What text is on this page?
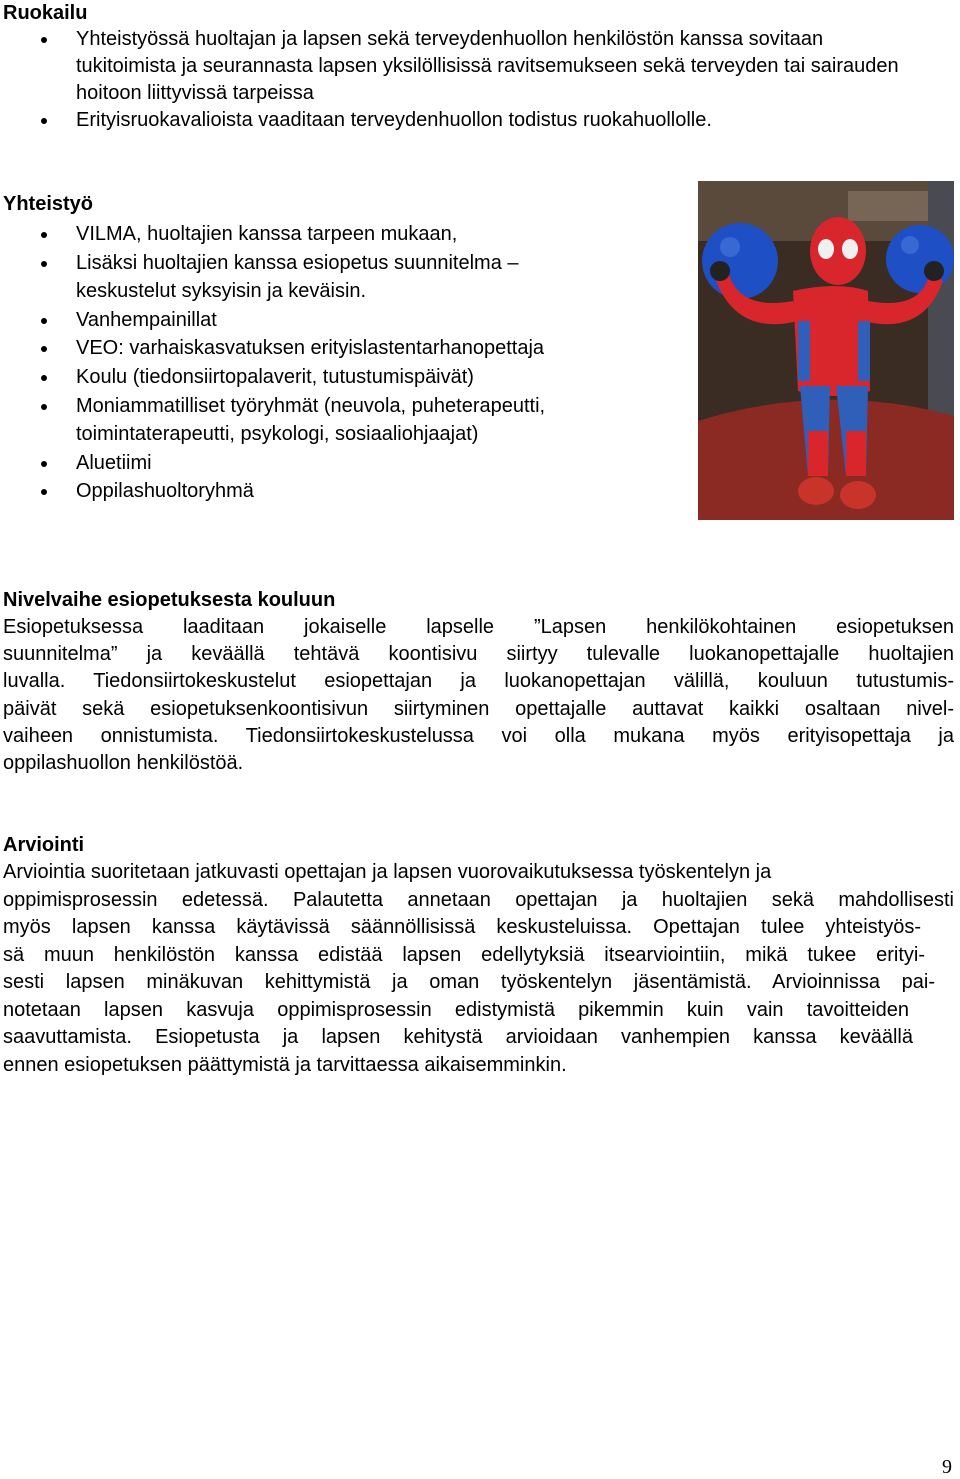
Ruokailu
Yhteistyössä huoltajan ja lapsen sekä terveydenhuollon henkilöstön kanssa sovitaan tukitoimista ja seurannasta lapsen yksilöllisissä ravitsemukseen sekä terveyden tai sairauden hoitoon liittyvissä tarpeissa
Erityisruokavalioista vaaditaan terveydenhuollon todistus ruokahuollolle.
Yhteistyö
VILMA, huoltajien kanssa tarpeen mukaan,
Lisäksi huoltajien kanssa esiopetus suunnitelma – keskustelut syksyisin ja keväisin.
Vanhempainillat
VEO: varhaiskasvatuksen erityislastentarhanopettaja
Koulu (tiedonsiirtopalaverit, tutustumispäivät)
Moniammatilliset työryhmät (neuvola, puheterapeutti, toimintaterapeutti, psykologi, sosiaaliohjaajat)
Aluetiimi
Oppilashuoltoryhmä
Nivelvaihe esiopetuksesta kouluun
Esiopetuksessa laaditaan jokaiselle lapselle ”Lapsen henkilökohtainen esiopetuksen
suunnitelma” ja keväällä tehtävä koontisivu siirtyy tulevalle luokanopettajalle huoltajien
luvalla. Tiedonsiirtokeskustelut esiopettajan ja luokanopettajan välillä, kouluun tutustumis-
päivät sekä esiopetuksenkoontisivun siirtyminen opettajalle auttavat kaikki osaltaan nivel-
vaiheen onnistumista. Tiedonsiirtokeskustelussa voi olla mukana myös erityisopettaja ja
oppilashuollon henkilöstöä.
Arviointi
Arviointia suoritetaan jatkuvasti opettajan ja lapsen vuorovaikutuksessa työskentelyn ja
oppimisprosessin edetessä. Palautetta annetaan opettajan ja huoltajien sekä mahdollisesti
myös lapsen kanssa käytävissä säännöllisissä keskusteluissa. Opettajan tulee yhteistyös-
sä muun henkilöstön kanssa edistää lapsen edellytyksiä itsearviointiin, mikä tukee erityi-
sesti lapsen minäkuvan kehittymistä ja oman työskentelyn jäsentämistä. Arvioinnissa pai-
notetaan lapsen kasvuja oppimisprosessin edistymistä pikemmin kuin vain tavoitteiden
saavuttamista. Esiopetusta ja lapsen kehitystä arvioidaan vanhempien kanssa keväällä
ennen esiopetuksen päättymistä ja tarvittaessa aikaisemminkin.
9
